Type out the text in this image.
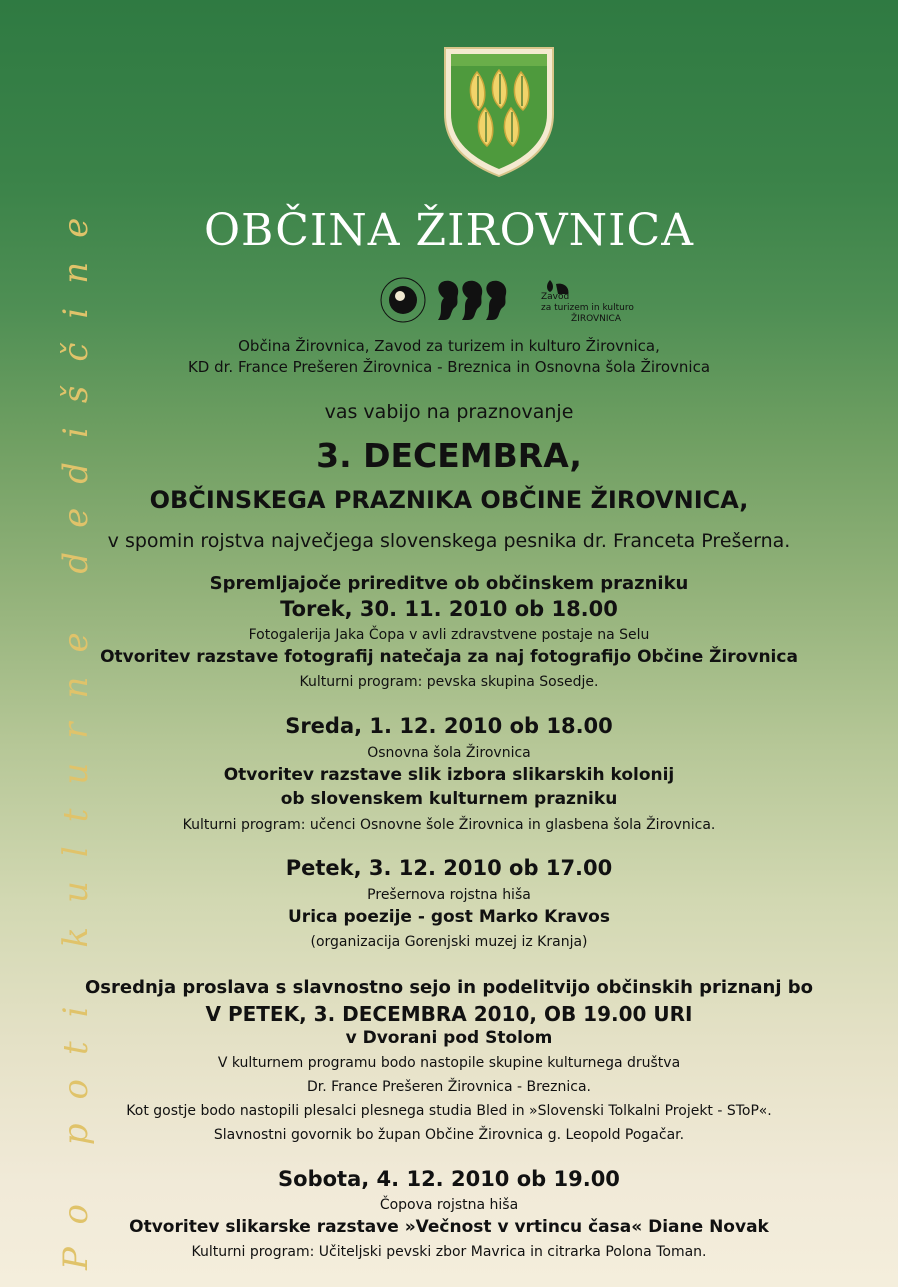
Po poti kulturne dediščine	OBČINA ŽIROVNICA
Zavod
za turizem in kulturo
ŽIROVNICA
Občina Žirovnica, Zavod za turizem in kulturo Žirovnica,
KD dr. France Prešeren Žirovnica - Breznica in Osnovna šola Žirovnica
vas vabijo na praznovanje
3. DECEMBRA,
OBČINSKEGA PRAZNIKA OBČINE ŽIROVNICA,
v spomin rojstva največjega slovenskega pesnika dr. Franceta Prešerna.
Spremljajoče prireditve ob občinskem prazniku
Torek, 30. 11. 2010 ob 18.00
Fotogalerija Jaka Čopa v avli zdravstvene postaje na Selu
Otvoritev razstave fotografij natečaja za naj fotografijo Občine Žirovnica
Kulturni program: pevska skupina Sosedje.
Sreda, 1. 12. 2010 ob 18.00
Osnovna šola Žirovnica
Otvoritev razstave slik izbora slikarskih kolonij
ob slovenskem kulturnem prazniku
Kulturni program: učenci Osnovne šole Žirovnica in glasbena šola Žirovnica.
Petek, 3. 12. 2010 ob 17.00
Prešernova rojstna hiša
Urica poezije - gost Marko Kravos
(organizacija Gorenjski muzej iz Kranja)
Osrednja proslava s slavnostno sejo in podelitvijo občinskih priznanj bo
V PETEK, 3. DECEMBRA 2010, OB 19.00 URI
v Dvorani pod Stolom
V kulturnem programu bodo nastopile skupine kulturnega društva
Dr. France Prešeren Žirovnica - Breznica.
Kot gostje bodo nastopili plesalci plesnega studia Bled in »Slovenski Tolkalni Projekt - SToP«.
Slavnostni govornik bo župan Občine Žirovnica g. Leopold Pogačar.
Sobota, 4. 12. 2010 ob 19.00
Čopova rojstna hiša
Otvoritev slikarske razstave »Večnost v vrtincu časa« Diane Novak
Kulturni program: Učiteljski pevski zbor Mavrica in citrarka Polona Toman.
